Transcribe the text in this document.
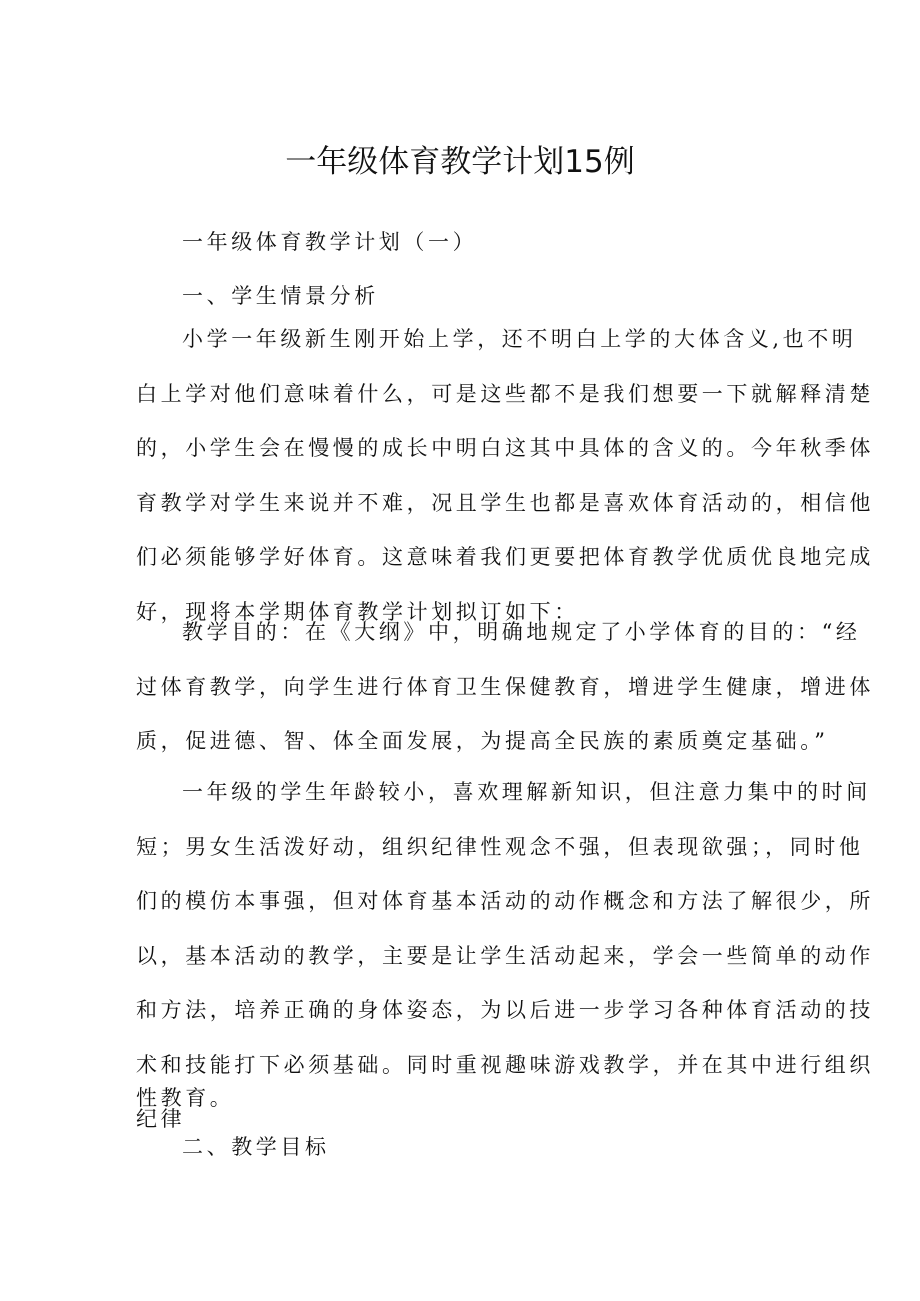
一年级体育教学计划15例

一年级体育教学计划（一）

一、学生情景分析

小学一年级新生刚开始上学，还不明白上学的大体含义,也不明
白上学对他们意味着什么，可是这些都不是我们想要一下就解释清楚
的，小学生会在慢慢的成长中明白这其中具体的含义的。今年秋季体
育教学对学生来说并不难，况且学生也都是喜欢体育活动的，相信他
们必须能够学好体育。这意味着我们更要把体育教学优质优良地完成
好，现将本学期体育教学计划拟订如下：
教学目的：在《大纲》中，明确地规定了小学体育的目的：“经
过体育教学，向学生进行体育卫生保健教育，增进学生健康，增进体
质，促进德、智、体全面发展，为提高全民族的素质奠定基础。”
一年级的学生年龄较小，喜欢理解新知识，但注意力集中的时间
短；男女生活泼好动，组织纪律性观念不强，但表现欲强；，同时他
们的模仿本事强，但对体育基本活动的动作概念和方法了解很少，所
以，基本活动的教学，主要是让学生活动起来，学会一些简单的动作
和方法，培养正确的身体姿态，为以后进一步学习各种体育活动的技
术和技能打下必须基础。同时重视趣味游戏教学，并在其中进行组织
纪律

性教育。

二、教学目标
